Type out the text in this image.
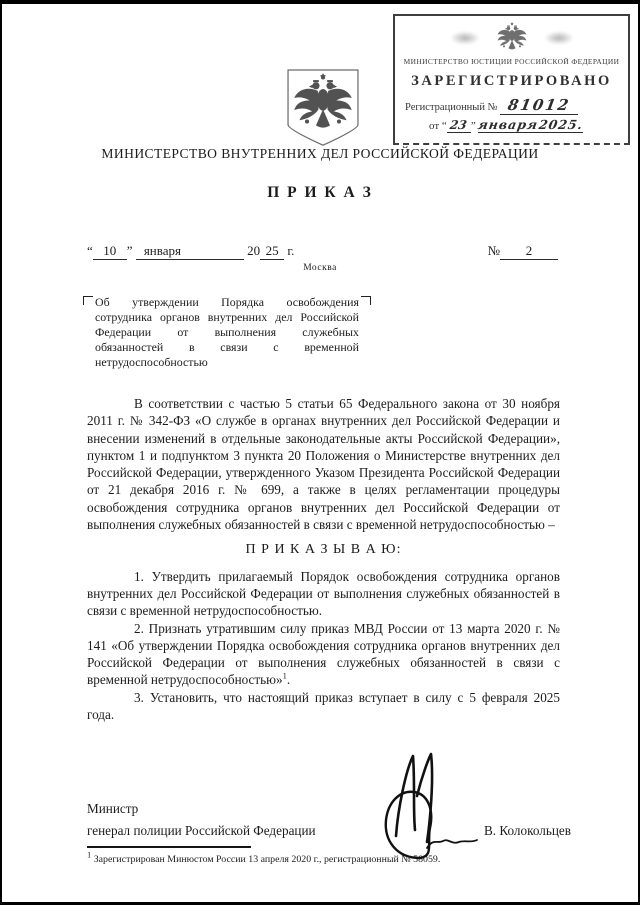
МИНИСТЕРСТВО ЮСТИЦИИ РОССИЙСКОЙ ФЕДЕРАЦИИ
ЗАРЕГИСТРИРОВАНО
Регистрационный № 81012
от “ 23 ” января2025.
МИНИСТЕРСТВО ВНУТРЕННИХ ДЕЛ РОССИЙСКОЙ ФЕДЕРАЦИИ
П Р И К А З
“ 10 ” января	20 25 г.	№ 2
Москва
Об утверждении Порядка освобождения сотрудника органов внутренних дел Российской Федерации от выполнения служебных обязанностей в связи с временной нетрудоспособностью

В соответствии с частью 5 статьи 65 Федерального закона от 30 ноября 2011 г. № 342-ФЗ «О службе в органах внутренних дел Российской Федерации и внесении изменений в отдельные законодательные акты Российской Федерации», пунктом 1 и подпунктом 3 пункта 20 Положения о Министерстве внутренних дел Российской Федерации, утвержденного Указом Президента Российской Федерации от 21 декабря 2016 г. № 699, а также в целях регламентации процедуры освобождения сотрудника органов внутренних дел Российской Федерации от выполнения служебных обязанностей в связи с временной нетрудоспособностью –

П Р И К А З Ы В А Ю:

1. Утвердить прилагаемый Порядок освобождения сотрудника органов внутренних дел Российской Федерации от выполнения служебных обязанностей в связи с временной нетрудоспособностью.

2. Признать утратившим силу приказ МВД России от 13 марта 2020 г. № 141 «Об утверждении Порядка освобождения сотрудника органов внутренних дел Российской Федерации от выполнения служебных обязанностей в связи с временной нетрудоспособностью»$^1$.

3. Установить, что настоящий приказ вступает в силу с 5 февраля 2025 года.

Министр
генерал полиции Российской Федерации	В. Колокольцев
$^1$ Зарегистрирован Минюстом России 13 апреля 2020 г., регистрационный № 58059.
